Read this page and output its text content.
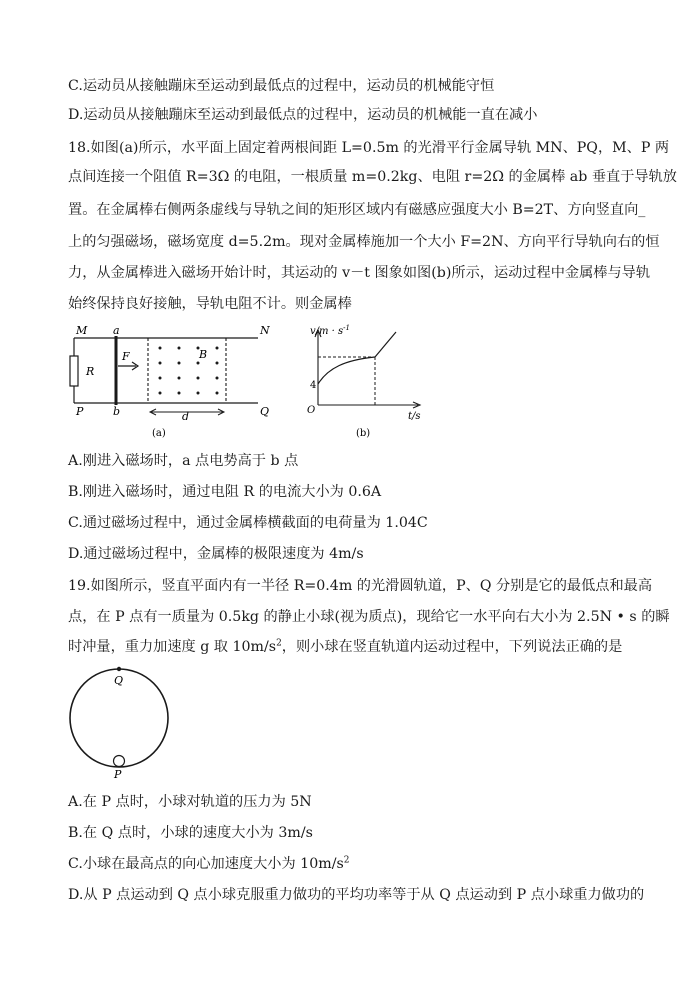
C.运动员从接触蹦床至运动到最低点的过程中，运动员的机械能守恒
D.运动员从接触蹦床至运动到最低点的过程中，运动员的机械能一直在减小
18.如图(a)所示，水平面上固定着两根间距 L=0.5m 的光滑平行金属导轨 MN、PQ，M、P 两
点间连接一个阻值 R=3Ω 的电阻，一根质量 m=0.2kg、电阻 r=2Ω 的金属棒 ab 垂直于导轨放
置。在金属棒右侧两条虚线与导轨之间的矩形区域内有磁感应强度大小 B=2T、方向竖直向_
上的匀强磁场，磁场宽度 d=5.2m。现对金属棒施加一个大小 F=2N、方向平行导轨向右的恒
力，从金属棒进入磁场开始计时，其运动的 v－t 图象如图(b)所示，运动过程中金属棒与导轨
始终保持良好接触，导轨电阻不计。则金属棒
M a	N
P	b	Q
R
F	B
d
(a)
$v/m \cdot s^{-1}$
4
O
t/s
(b)
A.刚进入磁场时，a 点电势高于 b 点
B.刚进入磁场时，通过电阻 R 的电流大小为 0.6A
C.通过磁场过程中，通过金属棒横截面的电荷量为 1.04C
D.通过磁场过程中，金属棒的极限速度为 4m/s
19.如图所示，竖直平面内有一半径 R=0.4m 的光滑圆轨道，P、Q 分别是它的最低点和最高
点，在 P 点有一质量为 0.5kg 的静止小球(视为质点)，现给它一水平向右大小为 2.5N • s 的瞬
时冲量，重力加速度 g 取 $10m/s^2$，则小球在竖直轨道内运动过程中，下列说法正确的是
Q
P
A.在 P 点时，小球对轨道的压力为 5N
B.在 Q 点时，小球的速度大小为 3m/s
C.小球在最高点的向心加速度大小为 $10m/s^2$
D.从 P 点运动到 Q 点小球克服重力做功的平均功率等于从 Q 点运动到 P 点小球重力做功的
